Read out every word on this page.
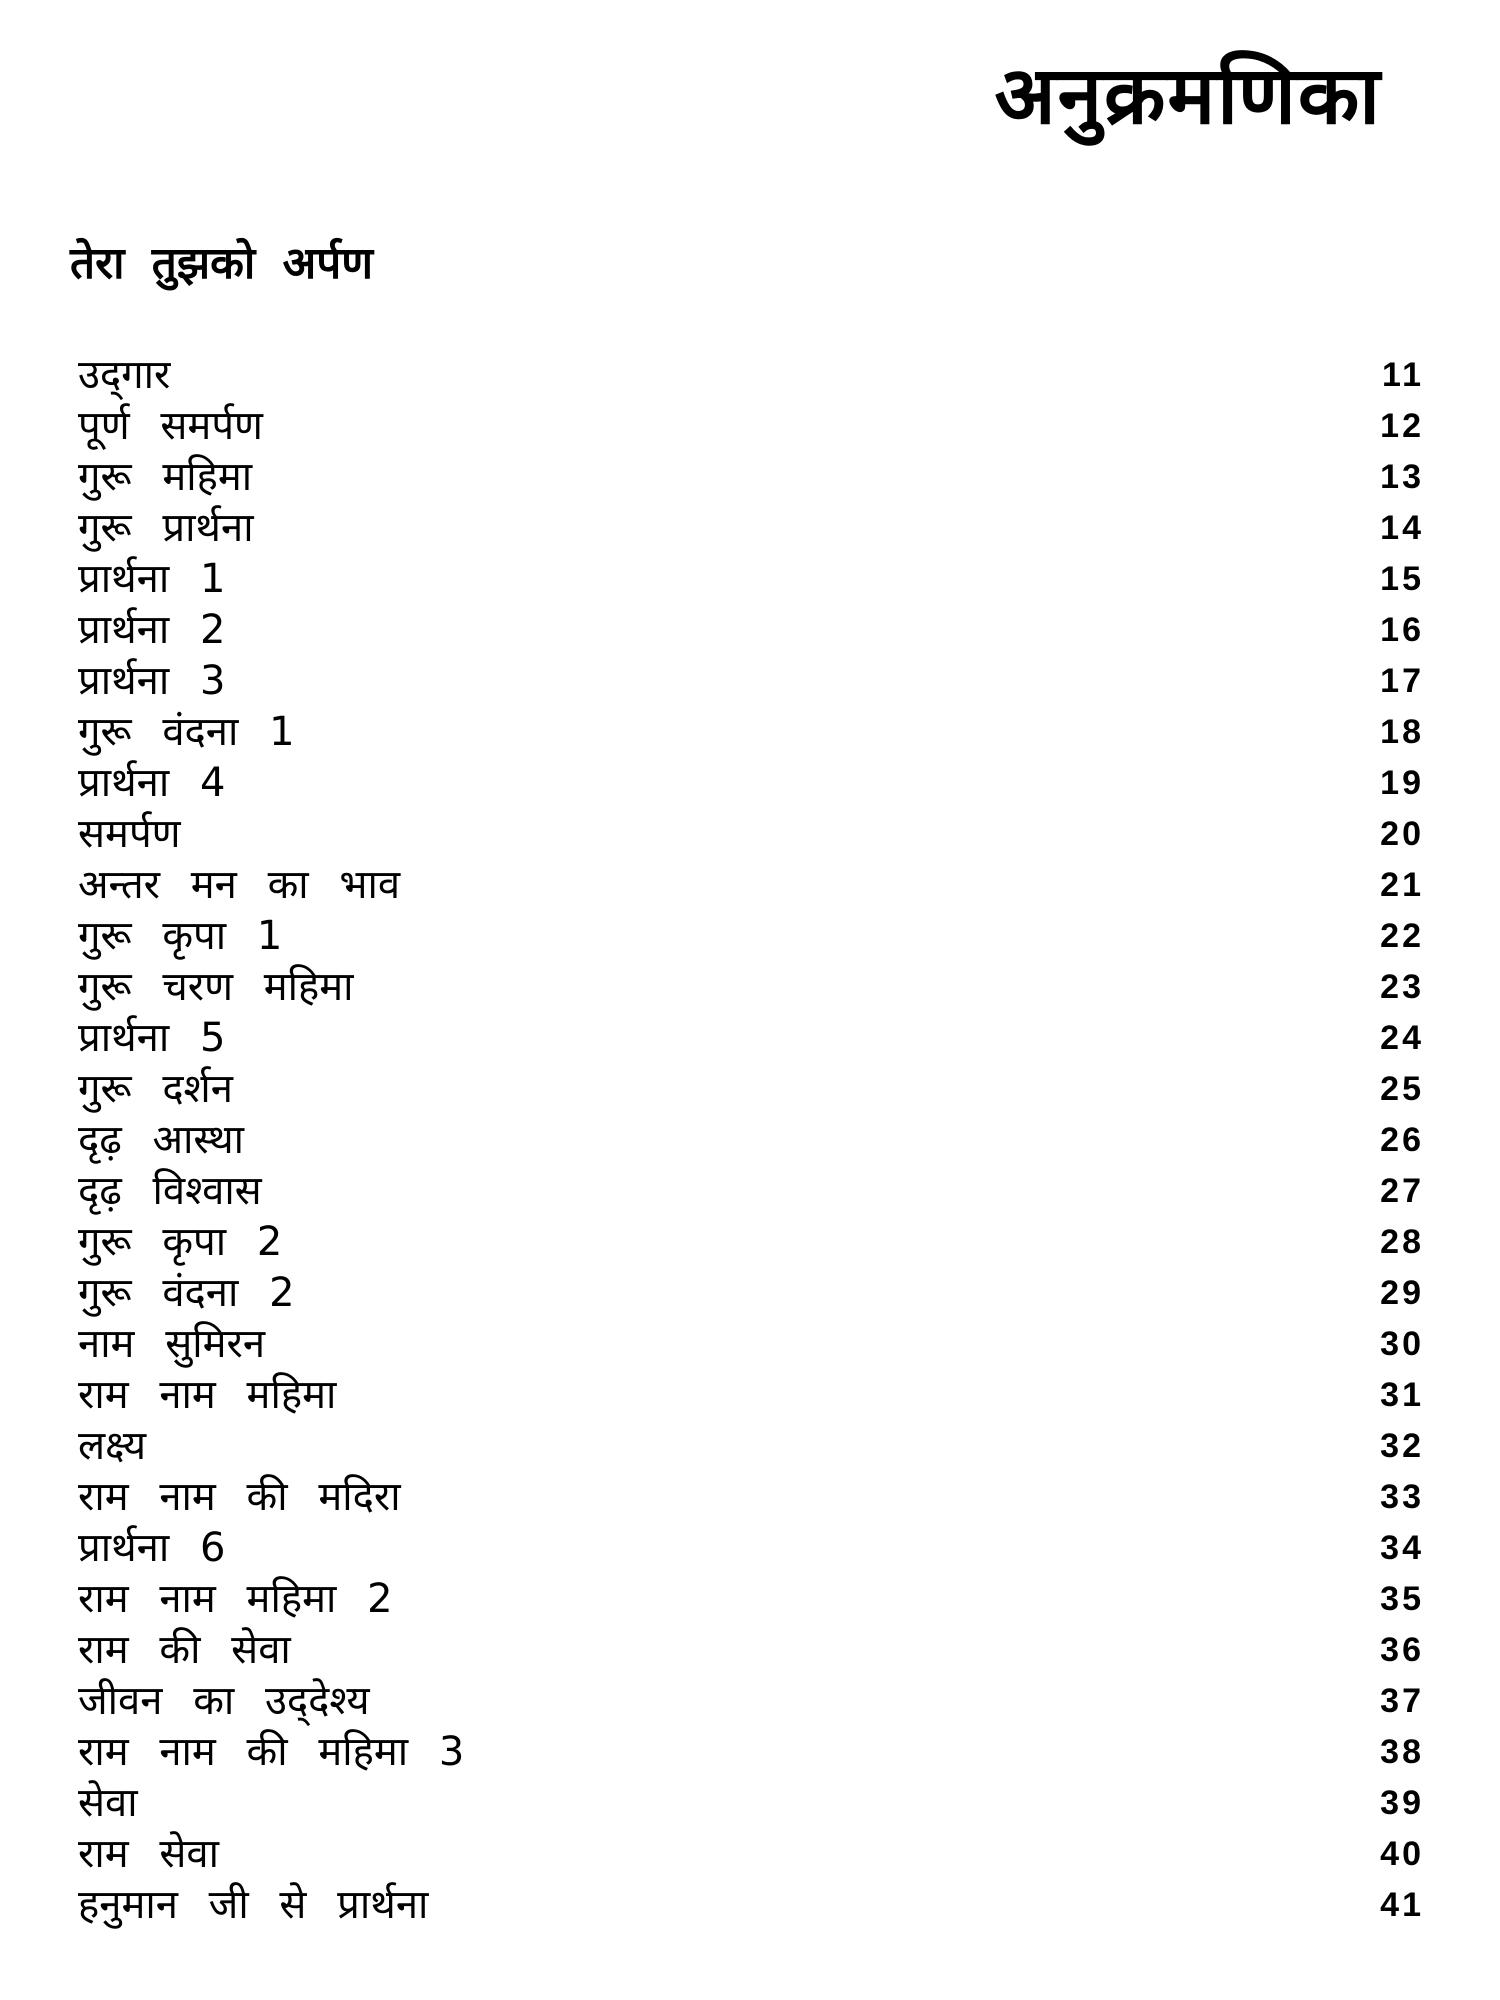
अनुक्रमणिका
तेरा तुझको अर्पण
उद्‌गार	11
पूर्ण समर्पण	12
गुरू महिमा	13
गुरू प्रार्थना	14
प्रार्थना 1	15
प्रार्थना 2	16
प्रार्थना 3	17
गुरू वंदना 1	18
प्रार्थना 4	19
समर्पण	20
अन्तर मन का भाव	21
गुरू कृपा 1	22
गुरू चरण महिमा	23
प्रार्थना 5	24
गुरू दर्शन	25
दृढ़ आस्था	26
दृढ़ विश्वास	27
गुरू कृपा 2	28
गुरू वंदना 2	29
नाम सुमिरन	30
राम नाम महिमा	31
लक्ष्य	32
राम नाम की मदिरा	33
प्रार्थना 6	34
राम नाम महिमा 2	35
राम की सेवा	36
जीवन का उद्‌देश्य	37
राम नाम की महिमा 3	38
सेवा	39
राम सेवा	40
हनुमान जी से प्रार्थना	41
